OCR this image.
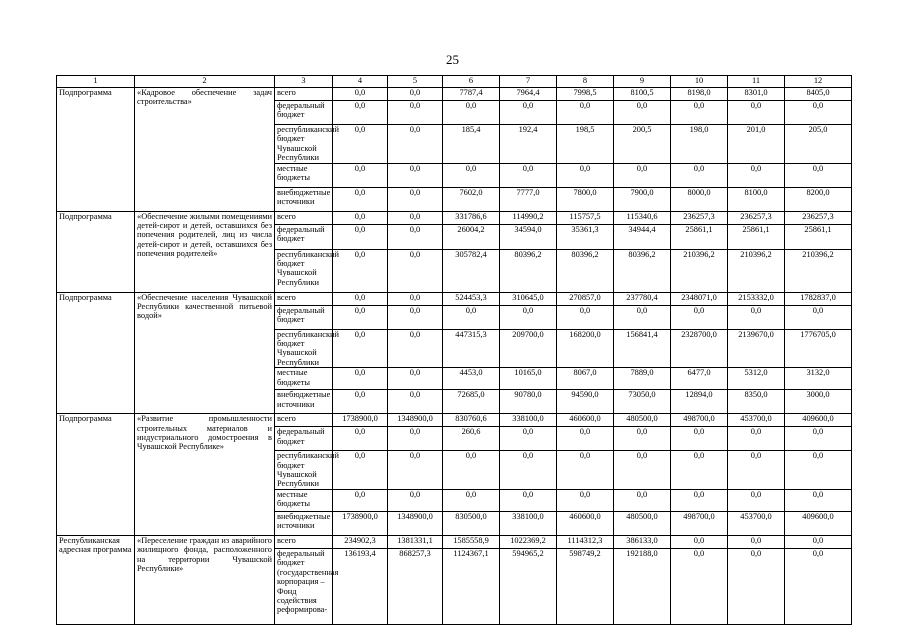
25
1	2	3	4	5	6	7	8	9	10	11	12
Подпрограмма	«Кадровое обеспечение задач строительства»	всего	0,0	0,0	7787,4	7964,4	7998,5	8100,5	8198,0	8301,0	8405,0
		федеральный бюджет	0,0	0,0	0,0	0,0	0,0	0,0	0,0	0,0	0,0
		республиканский бюджет Чувашской Республики	0,0	0,0	185,4	192,4	198,5	200,5	198,0	201,0	205,0
		местные бюджеты	0,0	0,0	0,0	0,0	0,0	0,0	0,0	0,0	0,0
		внебюджетные источники	0,0	0,0	7602,0	7777,0	7800,0	7900,0	8000,0	8100,0	8200,0
Подпрограмма	«Обеспечение жилыми помещениями детей-сирот и детей, оставшихся без попечения родителей, лиц из числа детей-сирот и детей, оставшихся без попечения родителей»	всего	0,0	0,0	331786,6	114990,2	115757,5	115340,6	236257,3	236257,3	236257,3
		федеральный бюджет	0,0	0,0	26004,2	34594,0	35361,3	34944,4	25861,1	25861,1	25861,1
		республиканский бюджет Чувашской Республики	0,0	0,0	305782,4	80396,2	80396,2	80396,2	210396,2	210396,2	210396,2
Подпрограмма	«Обеспечение населения Чувашской Республики качественной питьевой водой»	всего	0,0	0,0	524453,3	310645,0	270857,0	237780,4	2348071,0	2153332,0	1782837,0
		федеральный бюджет	0,0	0,0	0,0	0,0	0,0	0,0	0,0	0,0	0,0
		республиканский бюджет Чувашской Республики	0,0	0,0	447315,3	209700,0	168200,0	156841,4	2328700,0	2139670,0	1776705,0
		местные бюджеты	0,0	0,0	4453,0	10165,0	8067,0	7889,0	6477,0	5312,0	3132,0
		внебюджетные источники	0,0	0,0	72685,0	90780,0	94590,0	73050,0	12894,0	8350,0	3000,0
Подпрограмма	«Развитие промышленности строительных материалов и индустриального домостроения в Чувашской Республике»	всего	1738900,0	1348900,0	830760,6	338100,0	460600,0	480500,0	498700,0	453700,0	409600,0
		федеральный бюджет	0,0	0,0	260,6	0,0	0,0	0,0	0,0	0,0	0,0
		республиканский бюджет Чувашской Республики	0,0	0,0	0,0	0,0	0,0	0,0	0,0	0,0	0,0
		местные бюджеты	0,0	0,0	0,0	0,0	0,0	0,0	0,0	0,0	0,0
		внебюджетные источники	1738900,0	1348900,0	830500,0	338100,0	460600,0	480500,0	498700,0	453700,0	409600,0
Республиканская адресная программа	«Переселение граждан из аварийного жилищного фонда, расположенного на территории Чувашской Республики»	всего	234902,3	1381331,1	1585558,9	1022369,2	1114312,3	386133,0	0,0	0,0	0,0
		федеральный бюджет (государственная корпорация – Фонд содействия реформирова-	136193,4	868257,3	1124367,1	594965,2	598749,2	192188,0	0,0	0,0	0,0
